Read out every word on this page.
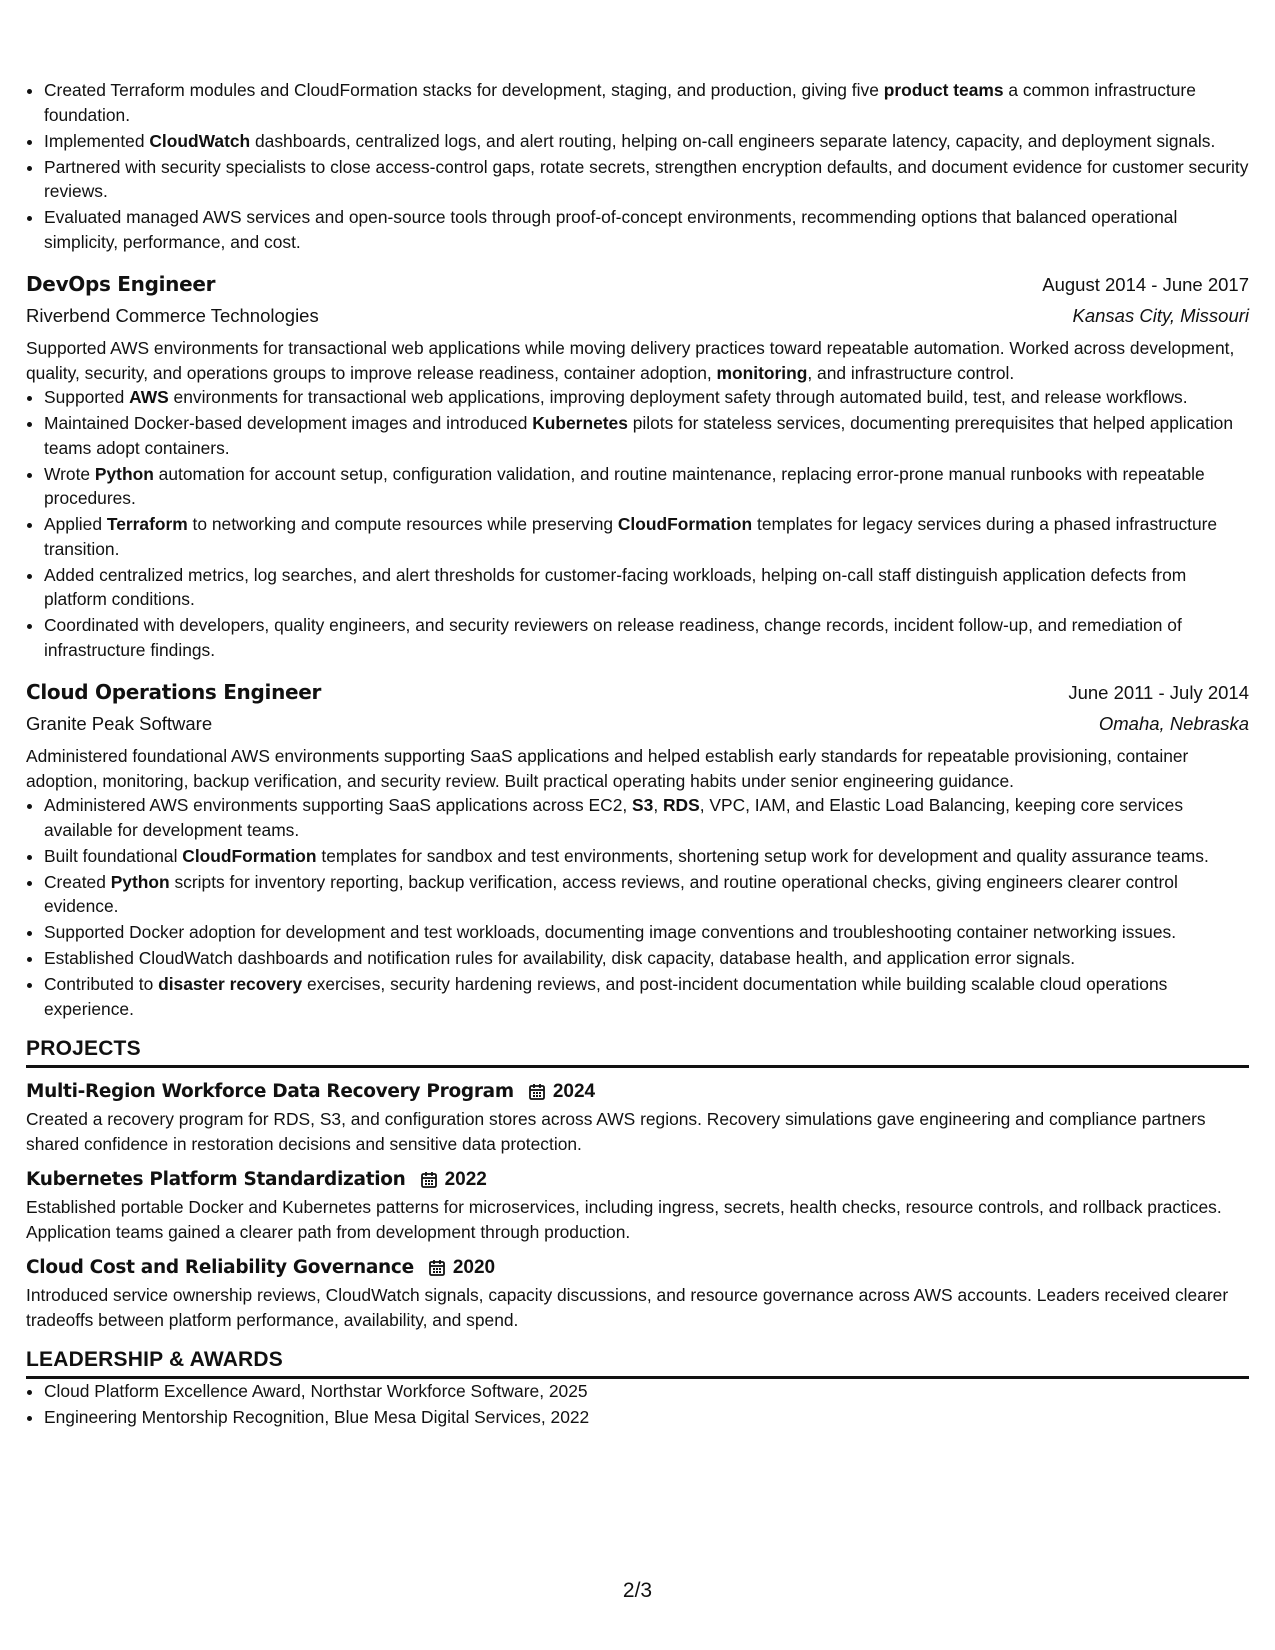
• Created Terraform modules and CloudFormation stacks for development, staging, and production, giving five product teams a common infrastructure foundation.
• Implemented CloudWatch dashboards, centralized logs, and alert routing, helping on-call engineers separate latency, capacity, and deployment signals.
• Partnered with security specialists to close access-control gaps, rotate secrets, strengthen encryption defaults, and document evidence for customer security reviews.
• Evaluated managed AWS services and open-source tools through proof-of-concept environments, recommending options that balanced operational simplicity, performance, and cost.
DevOps Engineer	August 2014 - June 2017
Riverbend Commerce Technologies	Kansas City, Missouri
Supported AWS environments for transactional web applications while moving delivery practices toward repeatable automation. Worked across development, quality, security, and operations groups to improve release readiness, container adoption, monitoring, and infrastructure control.
• Supported AWS environments for transactional web applications, improving deployment safety through automated build, test, and release workflows.
• Maintained Docker-based development images and introduced Kubernetes pilots for stateless services, documenting prerequisites that helped application teams adopt containers.
• Wrote Python automation for account setup, configuration validation, and routine maintenance, replacing error-prone manual runbooks with repeatable procedures.
• Applied Terraform to networking and compute resources while preserving CloudFormation templates for legacy services during a phased infrastructure transition.
• Added centralized metrics, log searches, and alert thresholds for customer-facing workloads, helping on-call staff distinguish application defects from platform conditions.
• Coordinated with developers, quality engineers, and security reviewers on release readiness, change records, incident follow-up, and remediation of infrastructure findings.
Cloud Operations Engineer	June 2011 - July 2014
Granite Peak Software	Omaha, Nebraska
Administered foundational AWS environments supporting SaaS applications and helped establish early standards for repeatable provisioning, container adoption, monitoring, backup verification, and security review. Built practical operating habits under senior engineering guidance.
• Administered AWS environments supporting SaaS applications across EC2, S3, RDS, VPC, IAM, and Elastic Load Balancing, keeping core services available for development teams.
• Built foundational CloudFormation templates for sandbox and test environments, shortening setup work for development and quality assurance teams.
• Created Python scripts for inventory reporting, backup verification, access reviews, and routine operational checks, giving engineers clearer control evidence.
• Supported Docker adoption for development and test workloads, documenting image conventions and troubleshooting container networking issues.
• Established CloudWatch dashboards and notification rules for availability, disk capacity, database health, and application error signals.
• Contributed to disaster recovery exercises, security hardening reviews, and post-incident documentation while building scalable cloud operations experience.
PROJECTS
Multi-Region Workforce Data Recovery Program 2024
Created a recovery program for RDS, S3, and configuration stores across AWS regions. Recovery simulations gave engineering and compliance partners shared confidence in restoration decisions and sensitive data protection.
Kubernetes Platform Standardization 2022
Established portable Docker and Kubernetes patterns for microservices, including ingress, secrets, health checks, resource controls, and rollback practices. Application teams gained a clearer path from development through production.
Cloud Cost and Reliability Governance 2020
Introduced service ownership reviews, CloudWatch signals, capacity discussions, and resource governance across AWS accounts. Leaders received clearer tradeoffs between platform performance, availability, and spend.
LEADERSHIP & AWARDS
• Cloud Platform Excellence Award, Northstar Workforce Software, 2025
• Engineering Mentorship Recognition, Blue Mesa Digital Services, 2022
2/3
